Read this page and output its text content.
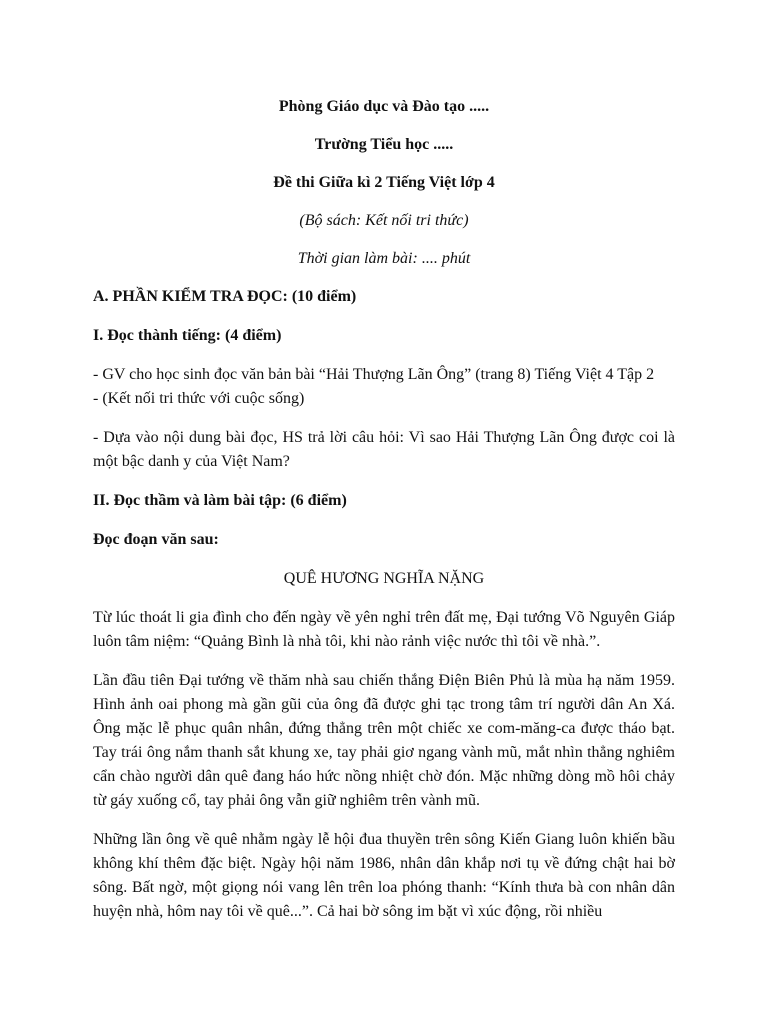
Phòng Giáo dục và Đào tạo .....

Trường Tiểu học .....

Đề thi Giữa kì 2 Tiếng Việt lớp 4

(Bộ sách: Kết nối tri thức)

Thời gian làm bài: .... phút

A. PHẦN KIỂM TRA ĐỌC: (10 điểm)

I. Đọc thành tiếng: (4 điểm)

- GV cho học sinh đọc văn bản bài “Hải Thượng Lãn Ông” (trang 8) Tiếng Việt 4 Tập 2

- (Kết nối tri thức với cuộc sống)

- Dựa vào nội dung bài đọc, HS trả lời câu hỏi: Vì sao Hải Thượng Lãn Ông được coi là một bậc danh y của Việt Nam?

II. Đọc thầm và làm bài tập: (6 điểm)

Đọc đoạn văn sau:

QUÊ HƯƠNG NGHĨA NẶNG

Từ lúc thoát li gia đình cho đến ngày về yên nghỉ trên đất mẹ, Đại tướng Võ Nguyên Giáp luôn tâm niệm: “Quảng Bình là nhà tôi, khi nào rảnh việc nước thì tôi về nhà.”.

Lần đầu tiên Đại tướng về thăm nhà sau chiến thắng Điện Biên Phủ là mùa hạ năm 1959. Hình ảnh oai phong mà gần gũi của ông đã được ghi tạc trong tâm trí người dân An Xá. Ông mặc lễ phục quân nhân, đứng thẳng trên một chiếc xe com-măng-ca được tháo bạt. Tay trái ông nắm thanh sắt khung xe, tay phải giơ ngang vành mũ, mắt nhìn thẳng nghiêm cẩn chào người dân quê đang háo hức nồng nhiệt chờ đón. Mặc những dòng mồ hôi chảy từ gáy xuống cổ, tay phải ông vẫn giữ nghiêm trên vành mũ.

Những lần ông về quê nhằm ngày lễ hội đua thuyền trên sông Kiến Giang luôn khiến bầu không khí thêm đặc biệt. Ngày hội năm 1986, nhân dân khắp nơi tụ về đứng chật hai bờ sông. Bất ngờ, một giọng nói vang lên trên loa phóng thanh: “Kính thưa bà con nhân dân huyện nhà, hôm nay tôi về quê...”. Cả hai bờ sông im bặt vì xúc động, rồi nhiều
